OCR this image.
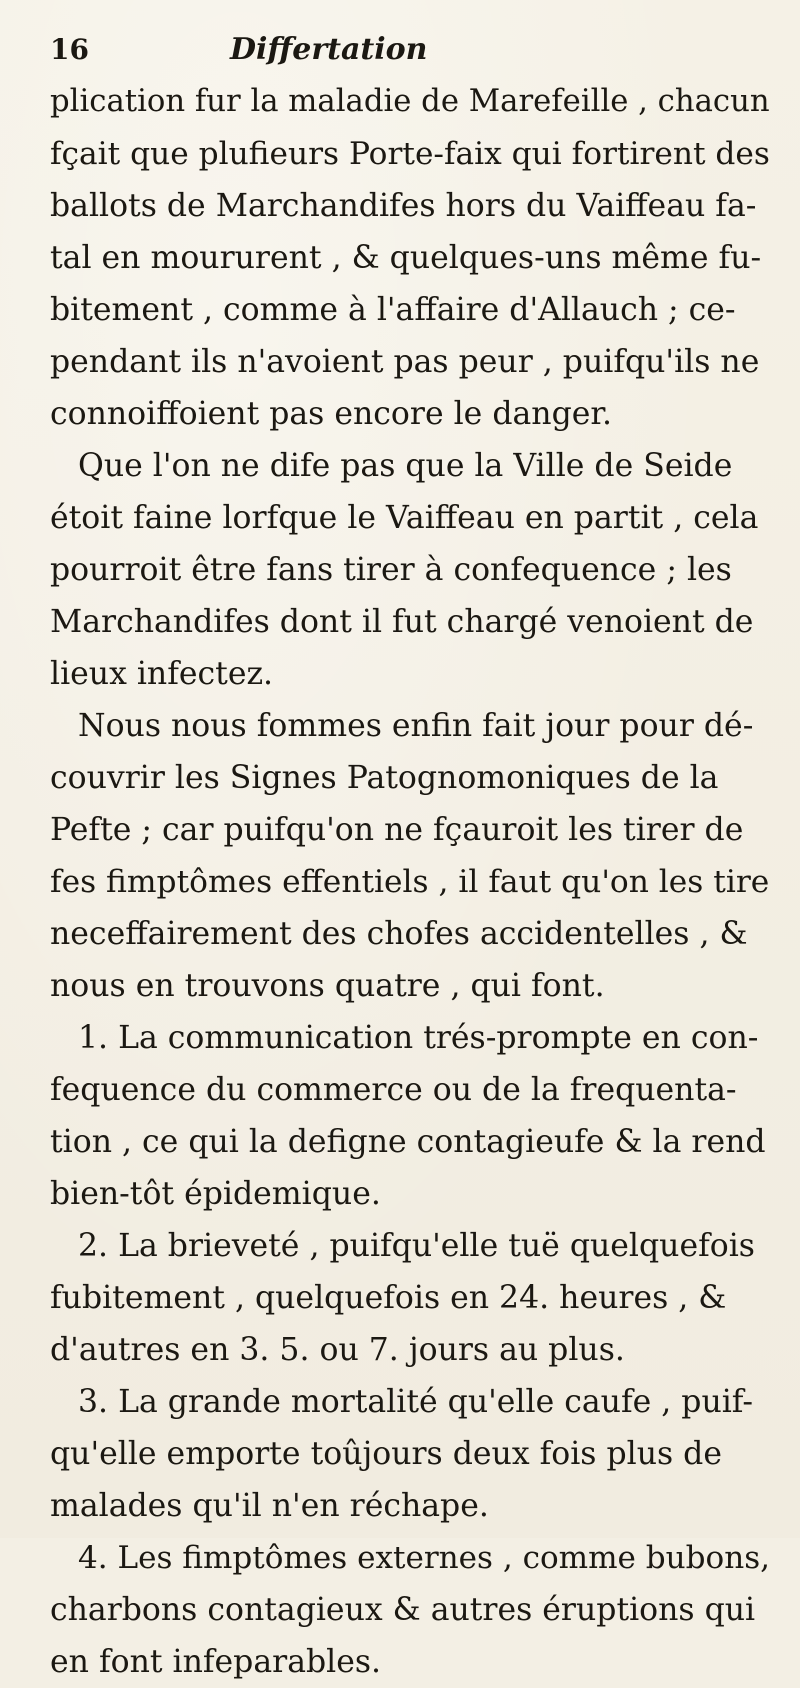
16	Differtation
plication fur la maladie de Marefeille , chacun
fçait que plufieurs Porte-faix qui fortirent des
ballots de Marchandifes hors du Vaiffeau fa-
tal en moururent , & quelques-uns même fu-
bitement , comme à l'affaire d'Allauch ; ce-
pendant ils n'avoient pas peur , puifqu'ils ne
connoiffoient pas encore le danger.
Que l'on ne dife pas que la Ville de Seide
étoit faine lorfque le Vaiffeau en partit , cela
pourroit être fans tirer à confequence ; les
Marchandifes dont il fut chargé venoient de
lieux infectez.
Nous nous fommes enfin fait jour pour dé-
couvrir les Signes Patognomoniques de la
Pefte ; car puifqu'on ne fçauroit les tirer de
fes fimptômes effentiels , il faut qu'on les tire
neceffairement des chofes accidentelles , &
nous en trouvons quatre , qui font.
1. La communication trés-prompte en con-
fequence du commerce ou de la frequenta-
tion , ce qui la defigne contagieufe & la rend
bien-tôt épidemique.
2. La brieveté , puifqu'elle tuë quelquefois
fubitement , quelquefois en 24. heures , &
d'autres en 3. 5. ou 7. jours au plus.
3. La grande mortalité qu'elle caufe , puif-
qu'elle emporte toûjours deux fois plus de
malades qu'il n'en réchape.
4. Les fimptômes externes , comme bubons,
charbons contagieux & autres éruptions qui
en font infeparables.
